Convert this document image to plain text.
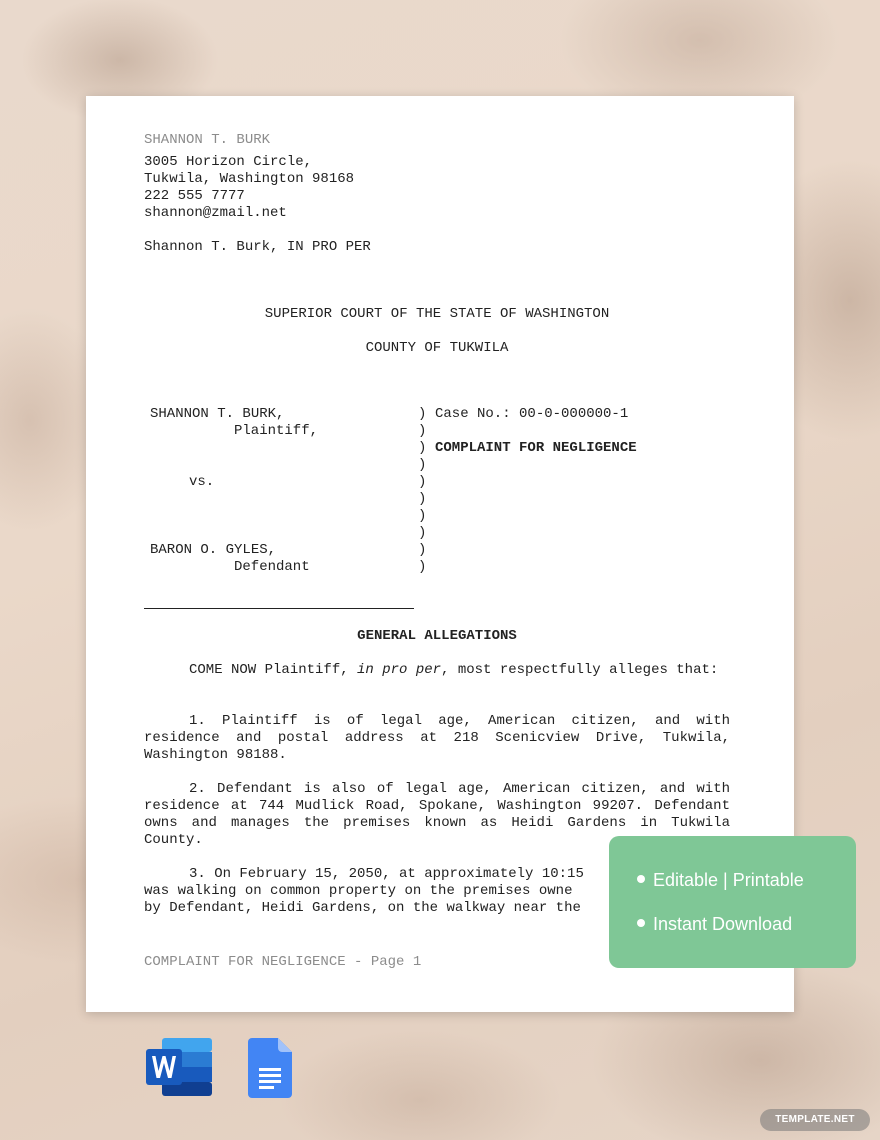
SHANNON T. BURK

3005 Horizon Circle,

Tukwila, Washington 98168

222 555 7777

shannon@zmail.net

Shannon T. Burk, IN PRO PER

SUPERIOR COURT OF THE STATE OF WASHINGTON

COUNTY OF TUKWILA

SHANNON T. BURK,

Plaintiff,

vs.

BARON O. GYLES,

Defendant

)

)

)

)

)

)

)

)

)

)

Case No.: 00-0-000000-1

COMPLAINT FOR NEGLIGENCE

GENERAL ALLEGATIONS

COME NOW Plaintiff, in pro per, most respectfully alleges that:

1. Plaintiff is of legal age, American citizen, and with residence and postal address at 218 Scenicview Drive, Tukwila, Washington 98188.

2. Defendant is also of legal age, American citizen, and with residence at 744 Mudlick Road, Spokane, Washington 99207. Defendant owns and manages the premises known as Heidi Gardens in Tukwila County.

3. On February 15, 2050, at approximately 10:15

was walking on common property on the premises owne

by Defendant, Heidi Gardens, on the walkway near the

COMPLAINT FOR NEGLIGENCE - Page 1

Editable | Printable
Instant Download
TEMPLATE.NET
